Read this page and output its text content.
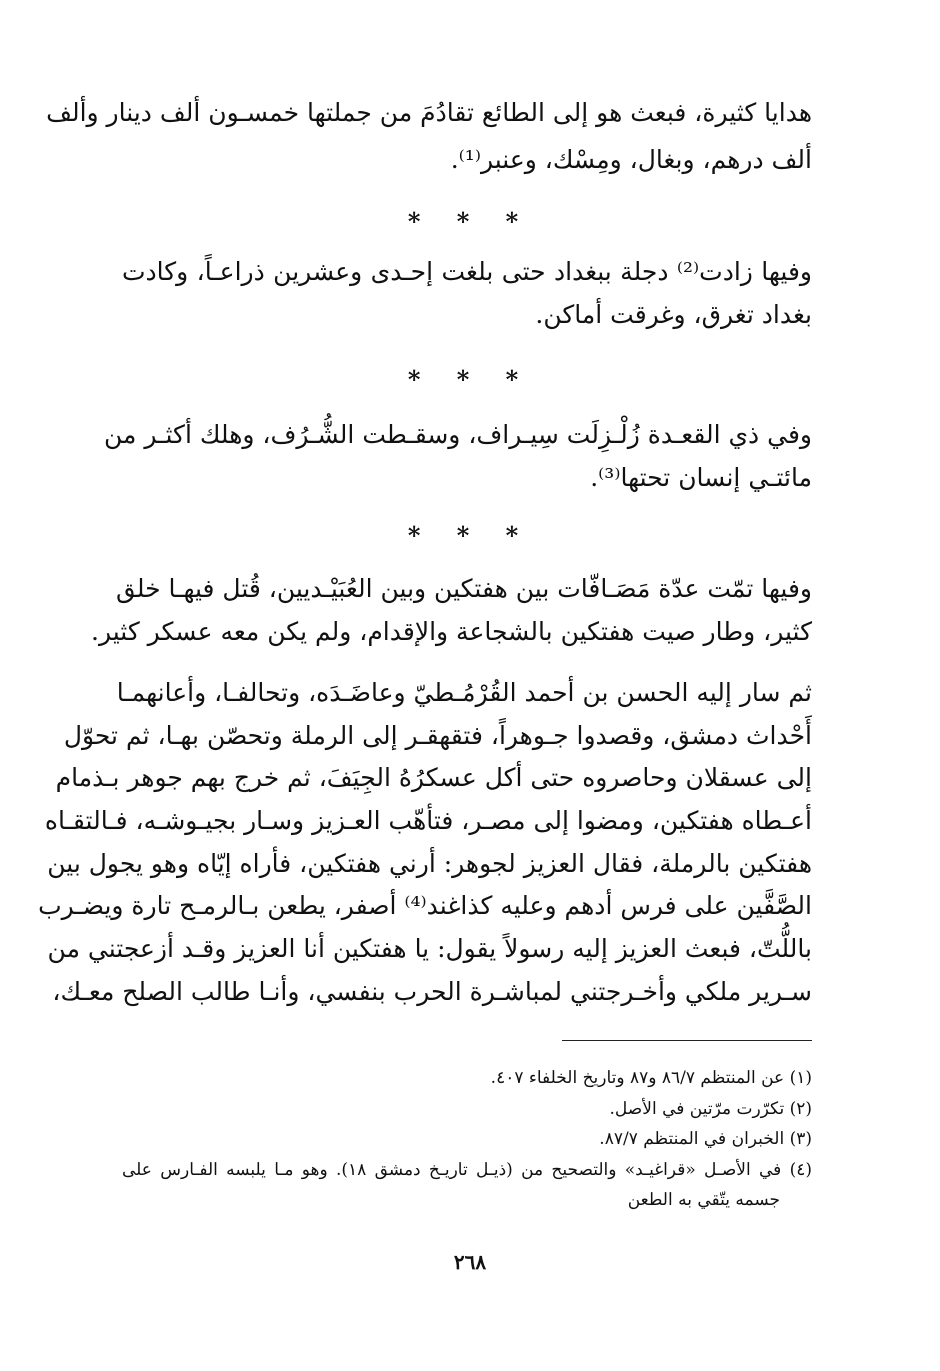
هدايا كثيرة، فبعث هو إلى الطائع تقادُمَ من جملتها خمسـون ألف دينار وألف
ألف درهم، وبغال، ومِسْك، وعنبر⁽¹⁾.
* * *
وفيها زادت⁽²⁾ دجلة ببغداد حتى بلغت إحـدى وعشرين ذراعـاً، وكادت
بغداد تغرق، وغرقت أماكن.
* * *
وفي ذي القعـدة زُلْـزِلَت سِيـراف، وسقـطت الشُّـرُف، وهلك أكثـر من
مائتـي إنسان تحتها⁽³⁾.
* * *
وفيها تمّت عدّة مَصَـافّات بين هفتكين وبين العُبَيْـديين، قُتل فيهـا خلق
كثير، وطار صيت هفتكين بالشجاعة والإقدام، ولم يكن معه عسكر كثير.
ثم سار إليه الحسن بن أحمد القُرْمُـطيّ وعاضَـدَه، وتحالفـا، وأعانهمـا
أَحْداث دمشق، وقصدوا جـوهراً، فتقهقـر إلى الرملة وتحصّن بهـا، ثم تحوّل
إلى عسقلان وحاصروه حتى أكل عسكرُهُ الجِيَفَ، ثم خرج بهم جوهر بـذمام
أعـطاه هفتكين، ومضوا إلى مصـر، فتأهّب العـزيز وسـار بجيـوشـه، فـالتقـاه
هفتكين بالرملة، فقال العزيز لجوهر: أرني هفتكين، فأراه إيّاه وهو يجول بين
الصَّفَّين على فرس أدهم وعليه كذاغند⁽⁴⁾ أصفر، يطعن بـالرمـح تارة ويضـرب
باللُّتّ، فبعث العزيز إليه رسولاً يقول: يا هفتكين أنا العزيز وقـد أزعجتني من
سـرير ملكي وأخـرجتني لمباشـرة الحرب بنفسي، وأنـا طالب الصلح معـك،
(١) عن المنتظم ٨٦/٧ و٨٧ وتاريخ الخلفاء ٤٠٧.
(٢) تكرّرت مرّتين في الأصل.
(٣) الخبران في المنتظم ٨٧/٧.
(٤) في الأصـل «قراغيـد» والتصحيح من (ذيـل تاريـخ دمشق ١٨). وهو مـا يلبسه الفـارس على
جسمه يتّقي به الطعن
٢٦٨
